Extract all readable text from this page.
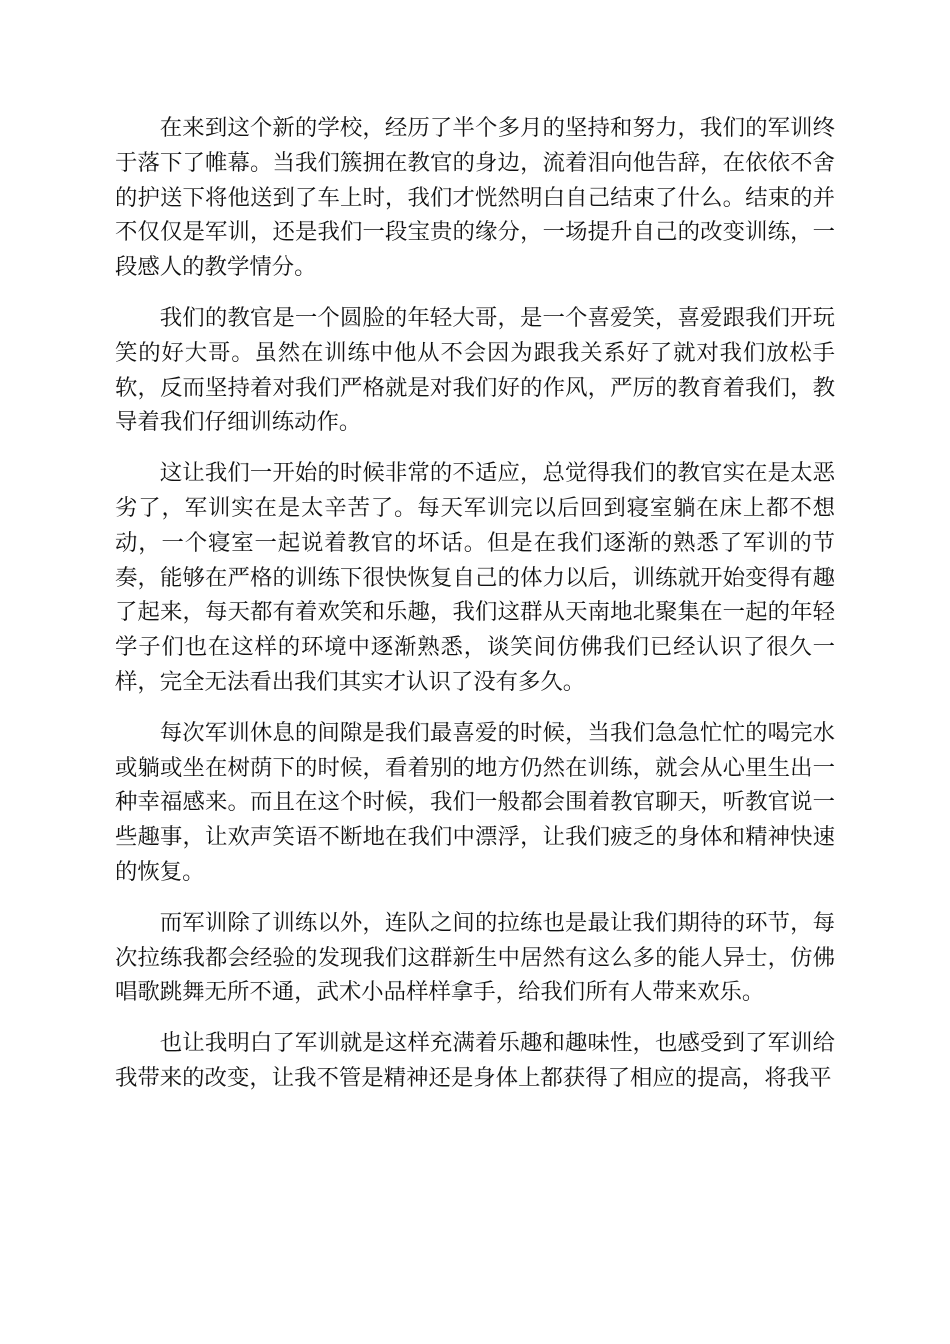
在来到这个新的学校，经历了半个多月的坚持和努力，我们的军训终于落下了帷幕。当我们簇拥在教官的身边，流着泪向他告辞，在依依不舍的护送下将他送到了车上时，我们才恍然明白自己结束了什么。结束的并不仅仅是军训，还是我们一段宝贵的缘分，一场提升自己的改变训练，一段感人的教学情分。

我们的教官是一个圆脸的年轻大哥，是一个喜爱笑，喜爱跟我们开玩笑的好大哥。虽然在训练中他从不会因为跟我关系好了就对我们放松手软，反而坚持着对我们严格就是对我们好的作风，严厉的教育着我们，教导着我们仔细训练动作。

这让我们一开始的时候非常的不适应，总觉得我们的教官实在是太恶劣了，军训实在是太辛苦了。每天军训完以后回到寝室躺在床上都不想动，一个寝室一起说着教官的坏话。但是在我们逐渐的熟悉了军训的节奏，能够在严格的训练下很快恢复自己的体力以后，训练就开始变得有趣了起来，每天都有着欢笑和乐趣，我们这群从天南地北聚集在一起的年轻学子们也在这样的环境中逐渐熟悉，谈笑间仿佛我们已经认识了很久一样，完全无法看出我们其实才认识了没有多久。

每次军训休息的间隙是我们最喜爱的时候，当我们急急忙忙的喝完水或躺或坐在树荫下的时候，看着别的地方仍然在训练，就会从心里生出一种幸福感来。而且在这个时候，我们一般都会围着教官聊天，听教官说一些趣事，让欢声笑语不断地在我们中漂浮，让我们疲乏的身体和精神快速的恢复。

而军训除了训练以外，连队之间的拉练也是最让我们期待的环节，每次拉练我都会经验的发现我们这群新生中居然有这么多的能人异士，仿佛唱歌跳舞无所不通，武术小品样样拿手，给我们所有人带来欢乐。

也让我明白了军训就是这样充满着乐趣和趣味性，也感受到了军训给我带来的改变，让我不管是精神还是身体上都获得了相应的提高，将我平
